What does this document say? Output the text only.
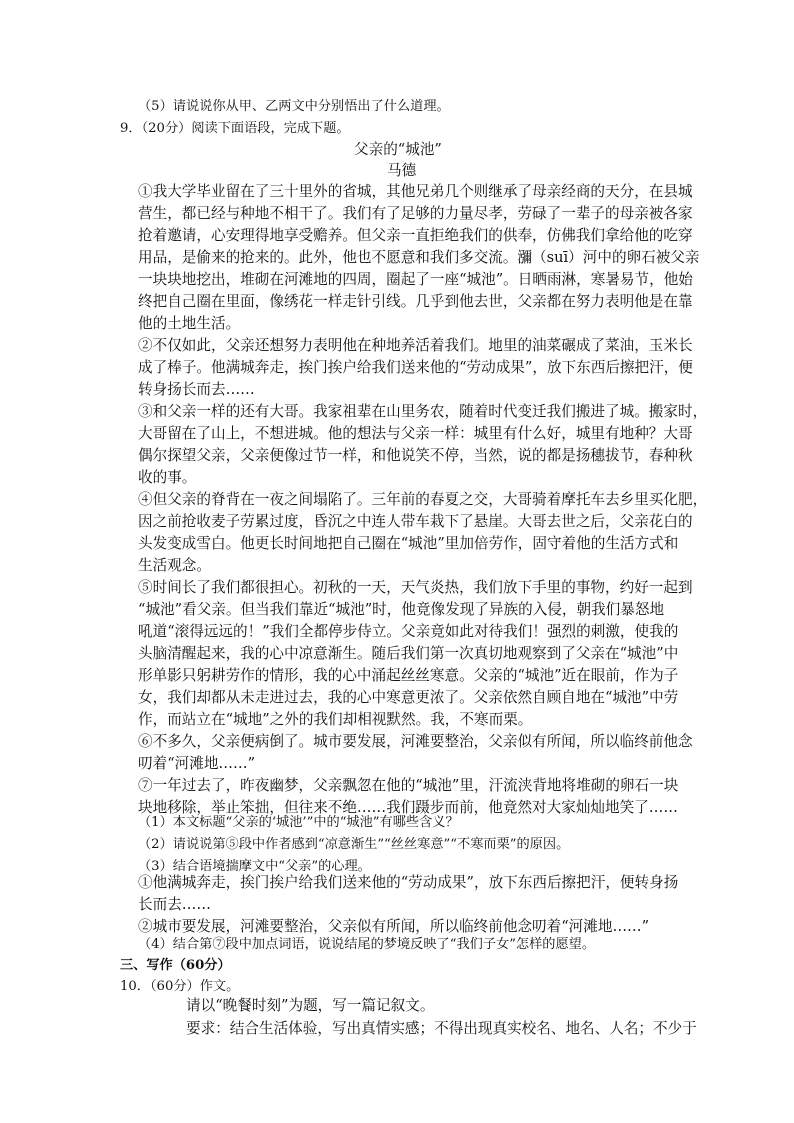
（5）请说说你从甲、乙两文中分别悟出了什么道理。
9．（20分）阅读下面语段，完成下题。
父亲的“城池”
马德
①我大学毕业留在了三十里外的省城，其他兄弟几个则继承了母亲经商的天分，在县城
营生，都已经与种地不相干了。我们有了足够的力量尽孝，劳碌了一辈子的母亲被各家
抢着邀请，心安理得地享受赡养。但父亲一直拒绝我们的供奉，仿佛我们拿给他的吃穿
用品，是偷来的抢来的。此外，他也不愿意和我们多交流。瀰（suī）河中的卵石被父亲
一块块地挖出，堆砌在河滩地的四周，圈起了一座“城池”。日晒雨淋，寒暑易节，他始
终把自己圈在里面，像绣花一样走针引线。几乎到他去世，父亲都在努力表明他是在靠
他的土地生活。
②不仅如此，父亲还想努力表明他在种地养活着我们。地里的油菜碾成了菜油，玉米长
成了棒子。他满城奔走，挨门挨户给我们送来他的“劳动成果”，放下东西后擦把汗，便
转身扬长而去……
③和父亲一样的还有大哥。我家祖辈在山里务农，随着时代变迁我们搬进了城。搬家时，
大哥留在了山上，不想进城。他的想法与父亲一样：城里有什么好，城里有地种？大哥
偶尔探望父亲，父亲便像过节一样，和他说笑不停，当然，说的都是扬穗拔节，春种秋
收的事。
④但父亲的脊背在一夜之间塌陷了。三年前的春夏之交，大哥骑着摩托车去乡里买化肥，
因之前抢收麦子劳累过度，昏沉之中连人带车栽下了悬崖。大哥去世之后，父亲花白的
头发变成雪白。他更长时间地把自己圈在“城池”里加倍劳作，固守着他的生活方式和
生活观念。
⑤时间长了我们都很担心。初秋的一天，天气炎热，我们放下手里的事物，约好一起到
“城池”看父亲。但当我们靠近“城池”时，他竟像发现了异族的入侵，朝我们暴怒地
吼道“滚得远远的！”我们全都停步侍立。父亲竟如此对待我们！强烈的刺激，使我的
头脑清醒起来，我的心中凉意渐生。随后我们第一次真切地观察到了父亲在“城池”中
形单影只躬耕劳作的情形，我的心中涌起丝丝寒意。父亲的“城池”近在眼前，作为子
女，我们却都从未走进过去，我的心中寒意更浓了。父亲依然自顾自地在“城池”中劳
作，而站立在“城地”之外的我们却相视默然。我，不寒而栗。
⑥不多久，父亲便病倒了。城市要发展，河滩要整治，父亲似有所闻，所以临终前他念
叨着“河滩地……”
⑦一年过去了，昨夜幽梦，父亲飘忽在他的“城池”里，汗流浃背地将堆砌的卵石一块
块地移除，举止笨拙，但往来不绝……我们蹑步而前，他竟然对大家灿灿地笑了……
（1）本文标题“父亲的‘城池’”中的“城池”有哪些含义？
（2）请说说第⑤段中作者感到“凉意渐生”“丝丝寒意”“不寒而栗”的原因。
（3）结合语境揣摩文中“父亲”的心理。
①他满城奔走，挨门挨户给我们送来他的“劳动成果”，放下东西后擦把汗，便转身扬
长而去……
②城市要发展，河滩要整治，父亲似有所闻，所以临终前他念叨着“河滩地……”
（4）结合第⑦段中加点词语，说说结尾的梦境反映了“我们子女”怎样的愿望。
三、写作（60分）
10．（60分）作文。
请以“晚餐时刻”为题，写一篇记叙文。
要求：结合生活体验，写出真情实感；不得出现真实校名、地名、人名；不少于
